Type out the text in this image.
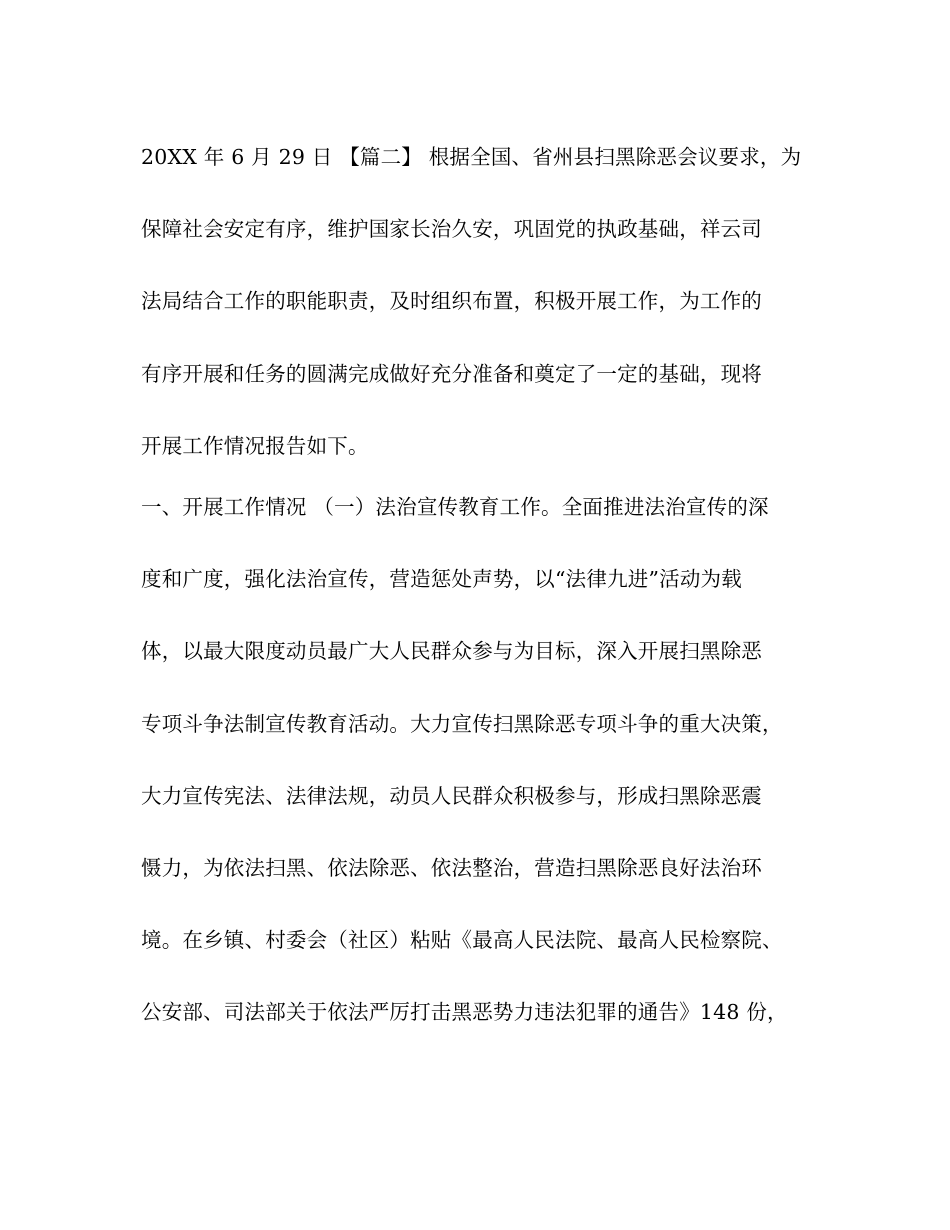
20XX 年 6 月 29 日 【篇二】 根据全国、省州县扫黑除恶会议要求，为
保障社会安定有序，维护国家长治久安，巩固党的执政基础，祥云司
法局结合工作的职能职责，及时组织布置，积极开展工作，为工作的
有序开展和任务的圆满完成做好充分准备和奠定了一定的基础，现将
开展工作情况报告如下。
一、开展工作情况 （一）法治宣传教育工作。全面推进法治宣传的深
度和广度，强化法治宣传，营造惩处声势，以“法律九进”活动为载
体，以最大限度动员最广大人民群众参与为目标，深入开展扫黑除恶
专项斗争法制宣传教育活动。大力宣传扫黑除恶专项斗争的重大决策，
大力宣传宪法、法律法规，动员人民群众积极参与，形成扫黑除恶震
慑力，为依法扫黑、依法除恶、依法整治，营造扫黑除恶良好法治环
境。在乡镇、村委会（社区）粘贴《最高人民法院、最高人民检察院、
公安部、司法部关于依法严厉打击黑恶势力违法犯罪的通告》148 份，
